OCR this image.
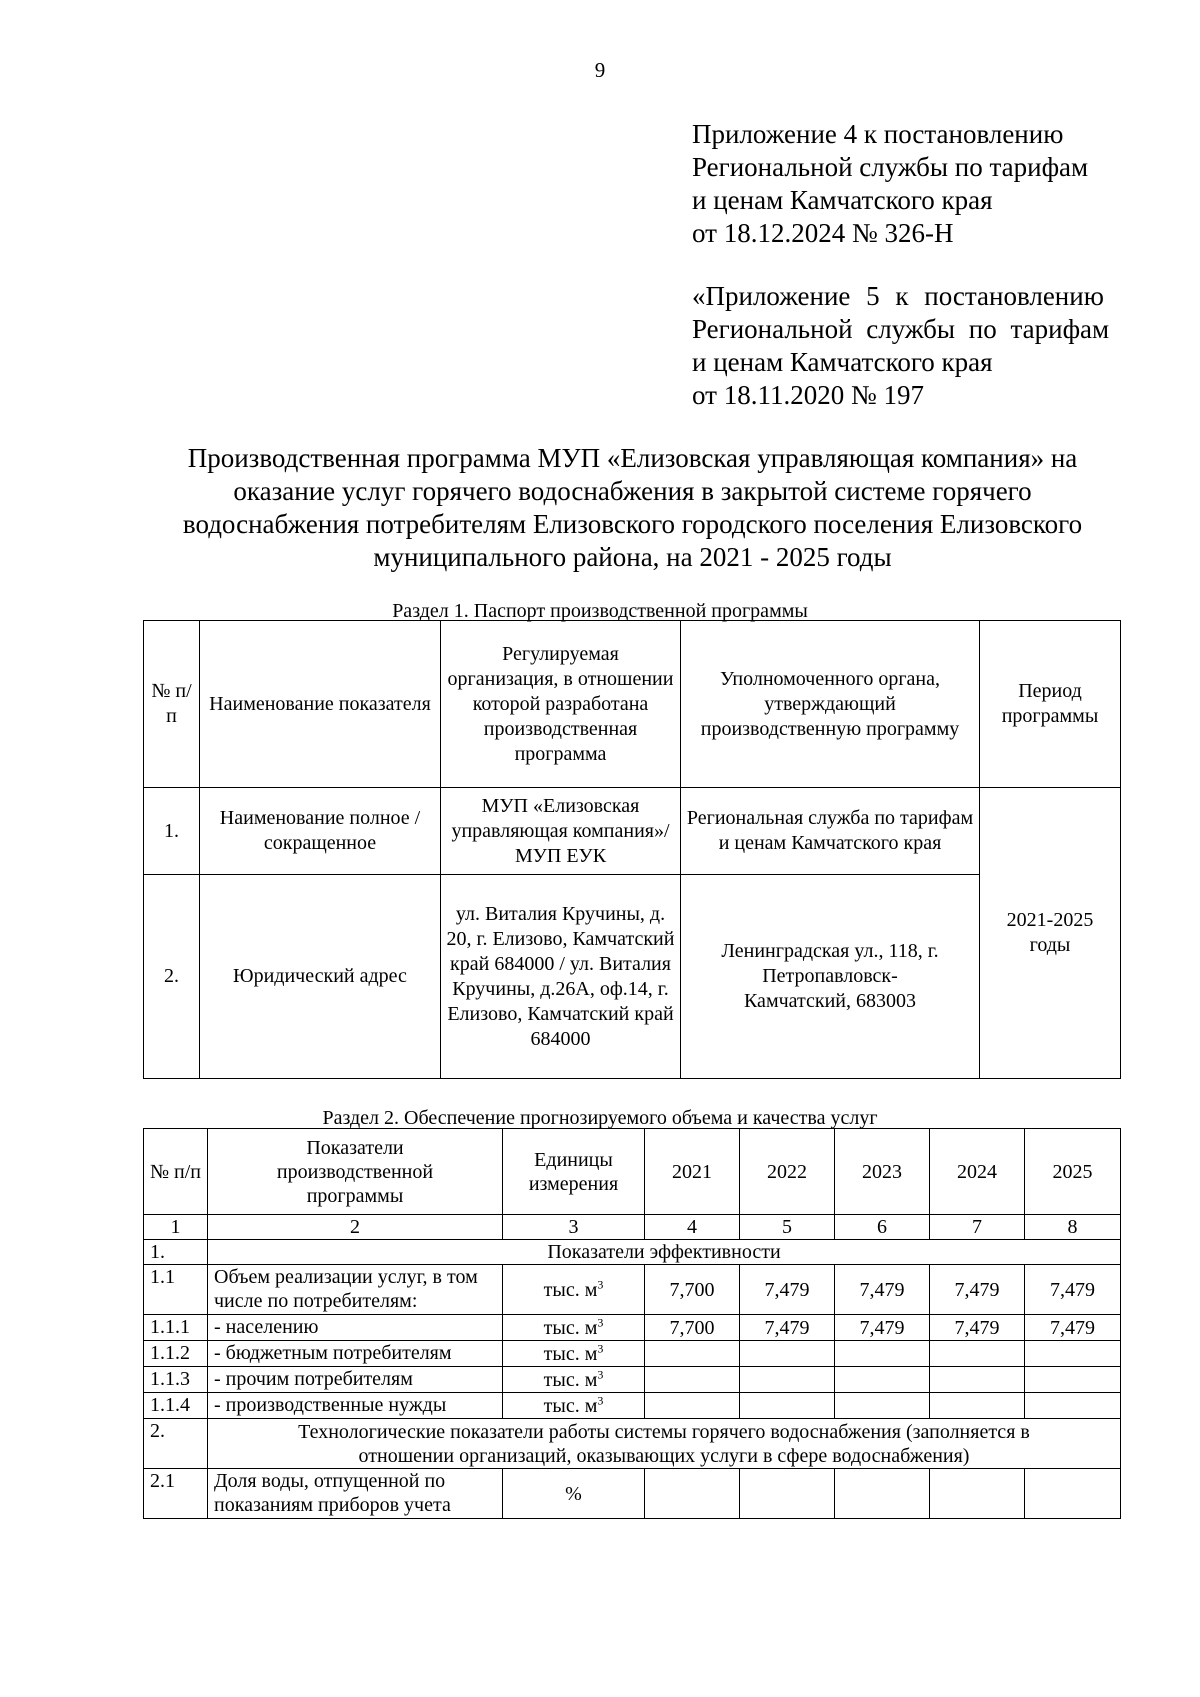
9
Приложение 4 к постановлению
Региональной службы по тарифам
и ценам Камчатского края
от 18.12.2024 № 326-Н
«Приложение 5 к постановлению
Региональной службы по тарифам
и ценам Камчатского края
от 18.11.2020 № 197
Производственная программа МУП «Елизовская управляющая компания» на
оказание услуг горячего водоснабжения в закрытой системе горячего
водоснабжения потребителям Елизовского городского поселения Елизовского
муниципального района, на 2021 - 2025 годы
Раздел 1. Паспорт производственной программы
№ п/п	Наименование показателя	Регулируемая организация, в отношении которой разработана производственная программа	Уполномоченного органа, утверждающий производственную программу	Период программы
1.	Наименование полное / сокращенное	МУП «Елизовская управляющая компания»/ МУП ЕУК	Региональная служба по тарифам и ценам Камчатского края	2021-2025 годы
2.	Юридический адрес	ул. Виталия Кручины, д. 20, г. Елизово, Камчатский край 684000 / ул. Виталия Кручины, д.26А, оф.14, г. Елизово, Камчатский край 684000	Ленинградская ул., 118, г. Петропавловск-Камчатский, 683003	
Раздел 2. Обеспечение прогнозируемого объема и качества услуг
№ п/п	Показатели производственной программы	Единицы измерения	2021	2022	2023	2024	2025
1	2	3	4	5	6	7	8
1.	Показатели эффективности						
1.1	Объем реализации услуг, в том числе по потребителям:	тыс. $м^3$	7,700	7,479	7,479	7,479	7,479
1.1.1	- населению	тыс. $м^3$	7,700	7,479	7,479	7,479	7,479
1.1.2	- бюджетным потребителям	тыс. $м^3$					
1.1.3	- прочим потребителям	тыс. $м^3$					
1.1.4	- производственные нужды	тыс. $м^3$					
2.	Технологические показатели работы системы горячего водоснабжения (заполняется в отношении организаций, оказывающих услуги в сфере водоснабжения)						
2.1	Доля воды, отпущенной по показаниям приборов учета	%					
